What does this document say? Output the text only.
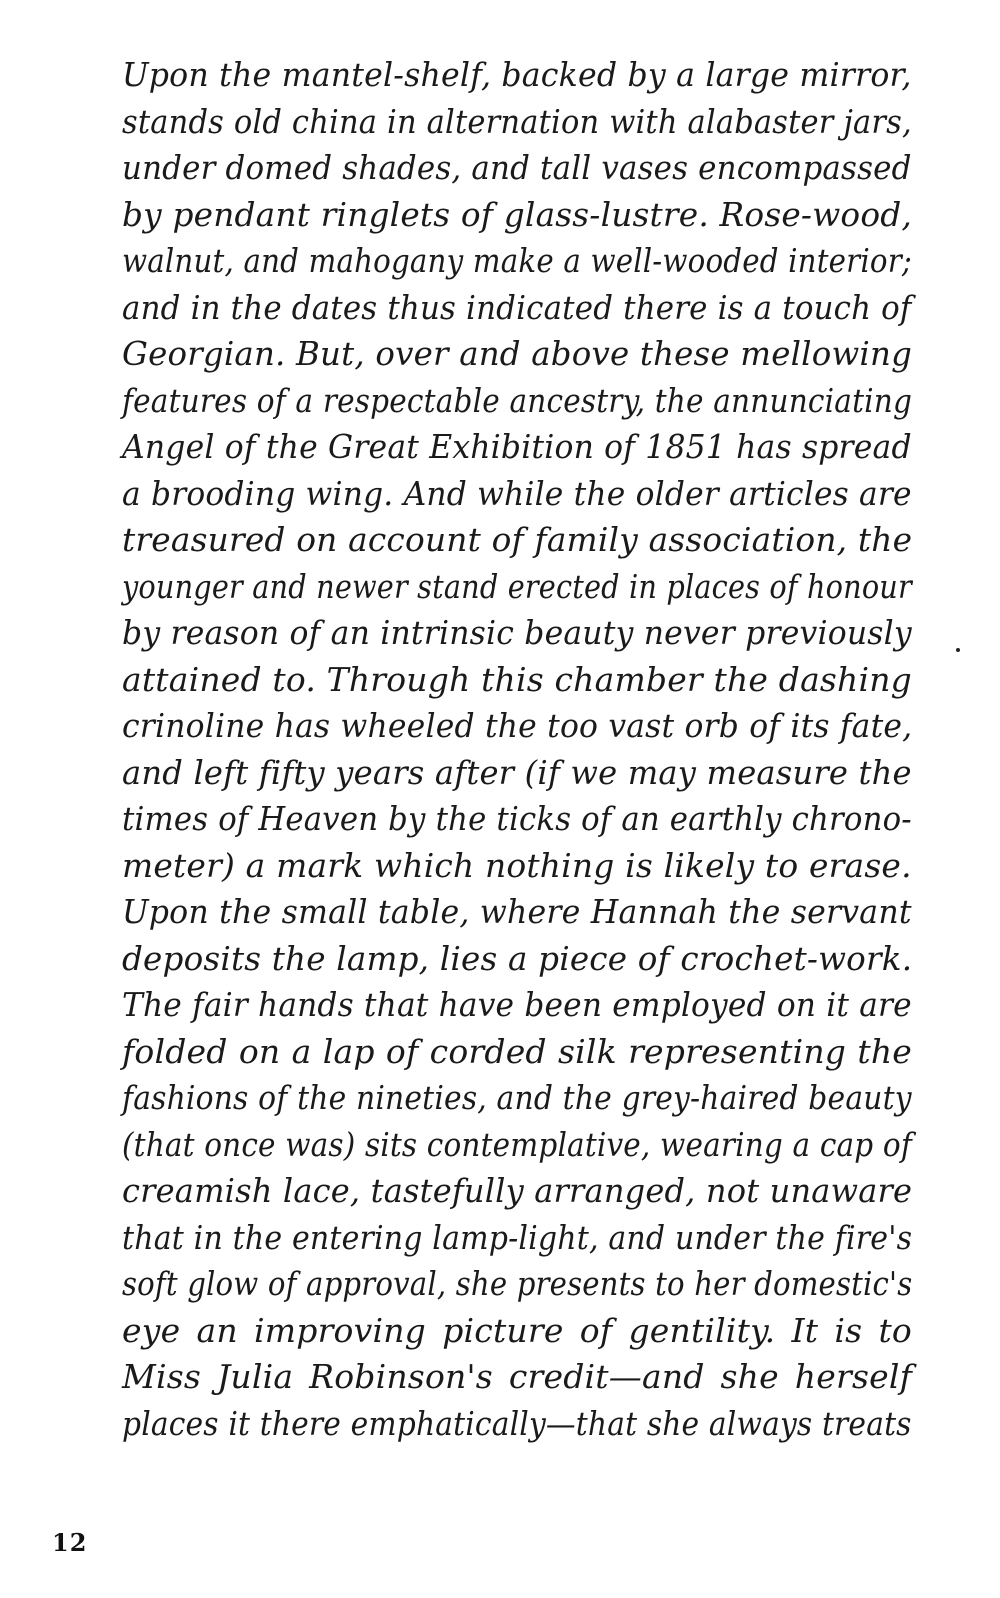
Upon the mantel-shelf, backed by a large mirror,
stands old china in alternation with alabaster jars,
under domed shades, and tall vases encompassed
by pendant ringlets of glass-lustre. Rose-wood,
walnut, and mahogany make a well-wooded interior;
and in the dates thus indicated there is a touch of
Georgian. But, over and above these mellowing
features of a respectable ancestry, the annunciating
Angel of the Great Exhibition of 1851 has spread
a brooding wing. And while the older articles are
treasured on account of family association, the
younger and newer stand erected in places of honour
by reason of an intrinsic beauty never previously
attained to. Through this chamber the dashing
crinoline has wheeled the too vast orb of its fate,
and left fifty years after (if we may measure the
times of Heaven by the ticks of an earthly chrono-
meter) a mark which nothing is likely to erase.
Upon the small table, where Hannah the servant
deposits the lamp, lies a piece of crochet-work.
The fair hands that have been employed on it are
folded on a lap of corded silk representing the
fashions of the nineties, and the grey-haired beauty
(that once was) sits contemplative, wearing a cap of
creamish lace, tastefully arranged, not unaware
that in the entering lamp-light, and under the fire's
soft glow of approval, she presents to her domestic's
eye an improving picture of gentility. It is to
Miss Julia Robinson's credit—and she herself
places it there emphatically—that she always treats
12
